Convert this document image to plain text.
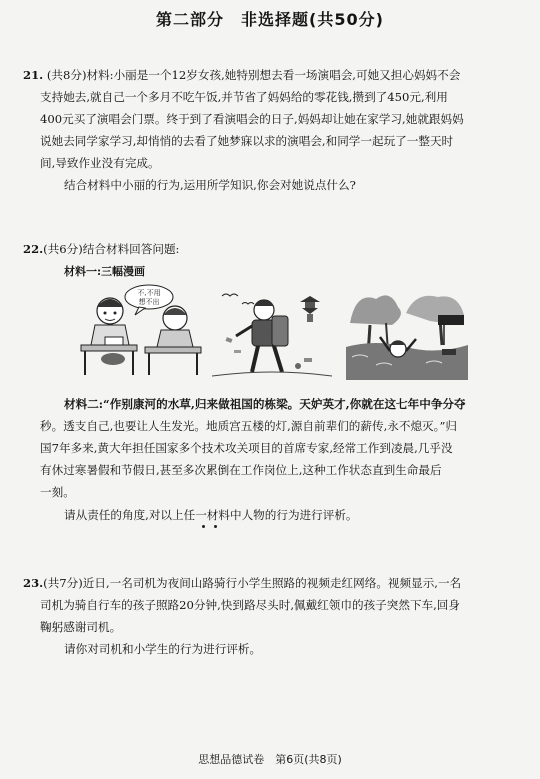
第二部分　非选择题(共50分)
21. (共8分)材料:小丽是一个12岁女孩,她特别想去看一场演唱会,可她又担心妈妈不会
支持她去,就自己一个多月不吃午饭,并节省了妈妈给的零花钱,攒到了450元,利用
400元买了演唱会门票。终于到了看演唱会的日子,妈妈却让她在家学习,她就跟妈妈
说她去同学家学习,却悄悄的去看了她梦寐以求的演唱会,和同学一起玩了一整天时
间,导致作业没有完成。
结合材料中小丽的行为,运用所学知识,你会对她说点什么?
22.(共6分)结合材料回答问题:
材料一:三幅漫画
不,不用
想不出
材料二:“作别康河的水草,归来做祖国的栋梁。天妒英才,你就在这七年中争分夺
秒。透支自己,也要让人生发光。地质宫五楼的灯,源自前辈们的薪传,永不熄灭。”归
国7年多来,黄大年担任国家多个技术攻关项目的首席专家,经常工作到凌晨,几乎没
有休过寒暑假和节假日,甚至多次累倒在工作岗位上,这种工作状态直到生命最后
一刻。
请从责任的角度,对以上任一材料中人物的行为进行评析。
23.(共7分)近日,一名司机为夜间山路骑行小学生照路的视频走红网络。视频显示,一名
司机为骑自行车的孩子照路20分钟,快到路尽头时,佩戴红领巾的孩子突然下车,回身
鞠躬感谢司机。
请你对司机和小学生的行为进行评析。
思想品德试卷　第6页(共8页)
